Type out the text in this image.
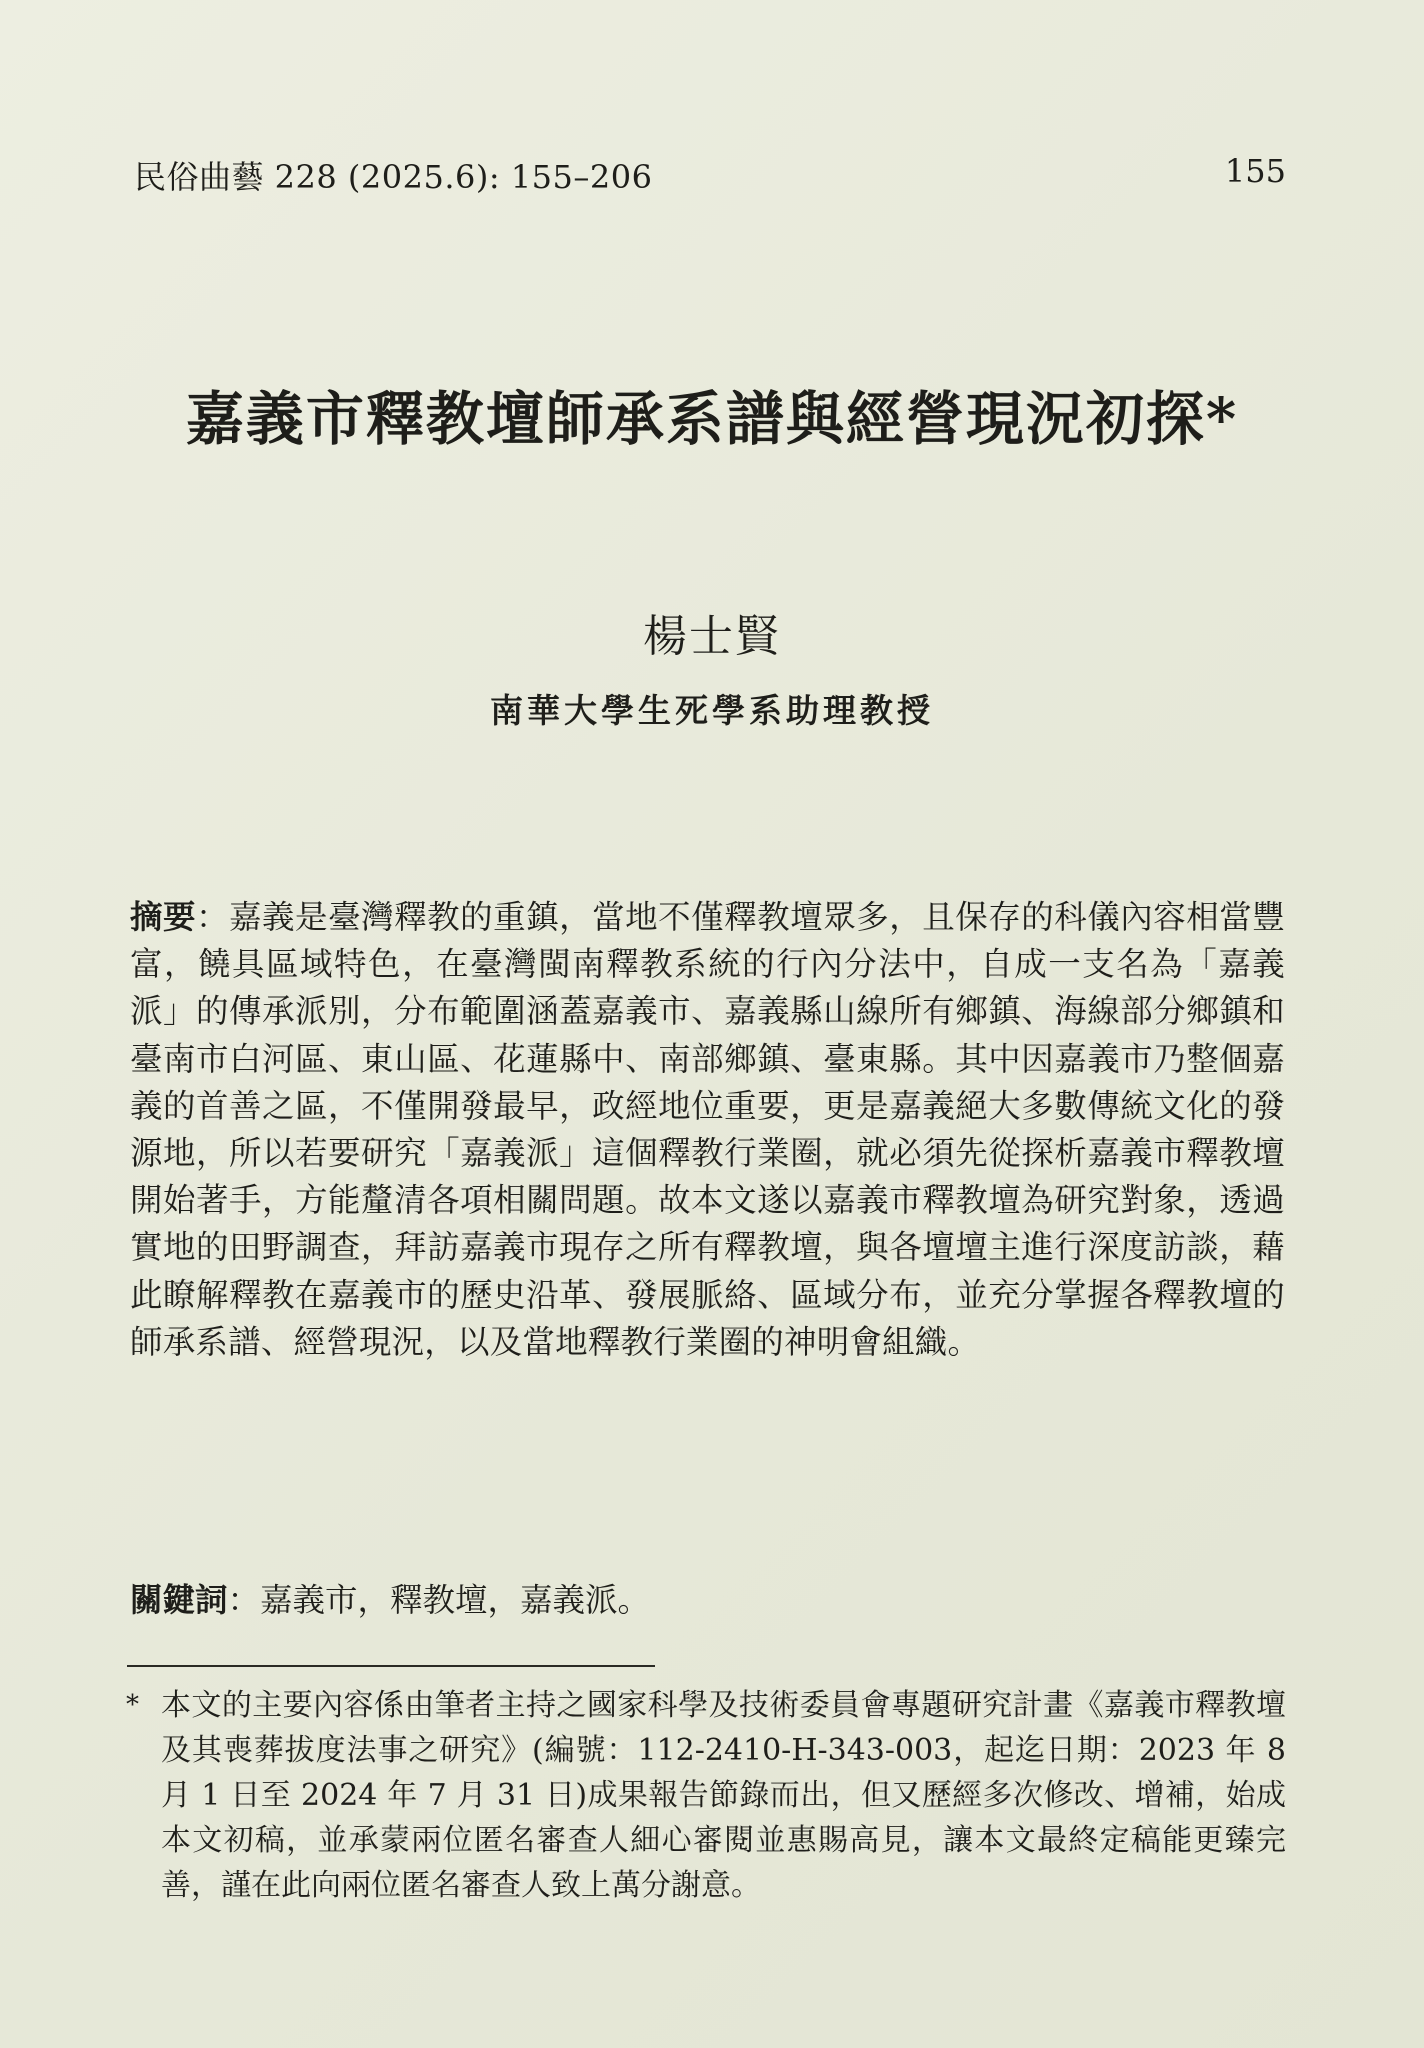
民俗曲藝 228 (2025.6): 155–206	155
嘉義市釋教壇師承系譜與經營現況初探*
楊士賢
南華大學生死學系助理教授
摘要：嘉義是臺灣釋教的重鎮，當地不僅釋教壇眾多，且保存的科儀內容相當豐富，饒具區域特色，在臺灣閩南釋教系統的行內分法中，自成一支名為「嘉義派」的傳承派別，分布範圍涵蓋嘉義市、嘉義縣山線所有鄉鎮、海線部分鄉鎮和臺南市白河區、東山區、花蓮縣中、南部鄉鎮、臺東縣。其中因嘉義市乃整個嘉義的首善之區，不僅開發最早，政經地位重要，更是嘉義絕大多數傳統文化的發源地，所以若要研究「嘉義派」這個釋教行業圈，就必須先從探析嘉義市釋教壇開始著手，方能釐清各項相關問題。故本文遂以嘉義市釋教壇為研究對象，透過實地的田野調查，拜訪嘉義市現存之所有釋教壇，與各壇壇主進行深度訪談，藉此瞭解釋教在嘉義市的歷史沿革、發展脈絡、區域分布，並充分掌握各釋教壇的師承系譜、經營現況，以及當地釋教行業圈的神明會組織。
關鍵詞：嘉義市，釋教壇，嘉義派。
* 本文的主要內容係由筆者主持之國家科學及技術委員會專題研究計畫《嘉義市釋教壇及其喪葬拔度法事之研究》(編號：112-2410-H-343-003，起迄日期：2023 年 8 月 1 日至 2024 年 7 月 31 日)成果報告節錄而出，但又歷經多次修改、增補，始成本文初稿，並承蒙兩位匿名審查人細心審閱並惠賜高見，讓本文最終定稿能更臻完善，謹在此向兩位匿名審查人致上萬分謝意。
